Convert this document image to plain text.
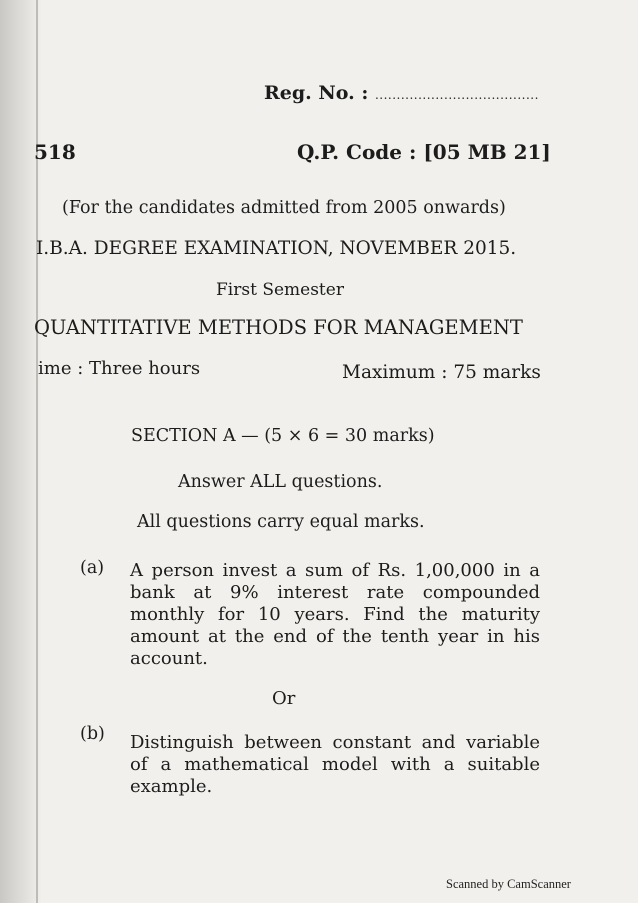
Reg. No. : ......................................
518	Q.P. Code : [05 MB 21]
(For the candidates admitted from 2005 onwards)
I.B.A. DEGREE EXAMINATION, NOVEMBER 2015.
First Semester
QUANTITATIVE METHODS FOR MANAGEMENT
ime : Three hours	Maximum : 75 marks
SECTION A — (5 × 6 = 30 marks)
Answer ALL questions.
All questions carry equal marks.
(a) A person invest a sum of Rs. 1,00,000 in a bank at 9% interest rate compounded monthly for 10 years. Find the maturity amount at the end of the tenth year in his account.
Or
(b) Distinguish between constant and variable of a mathematical model with a suitable example.
Scanned by CamScanner
